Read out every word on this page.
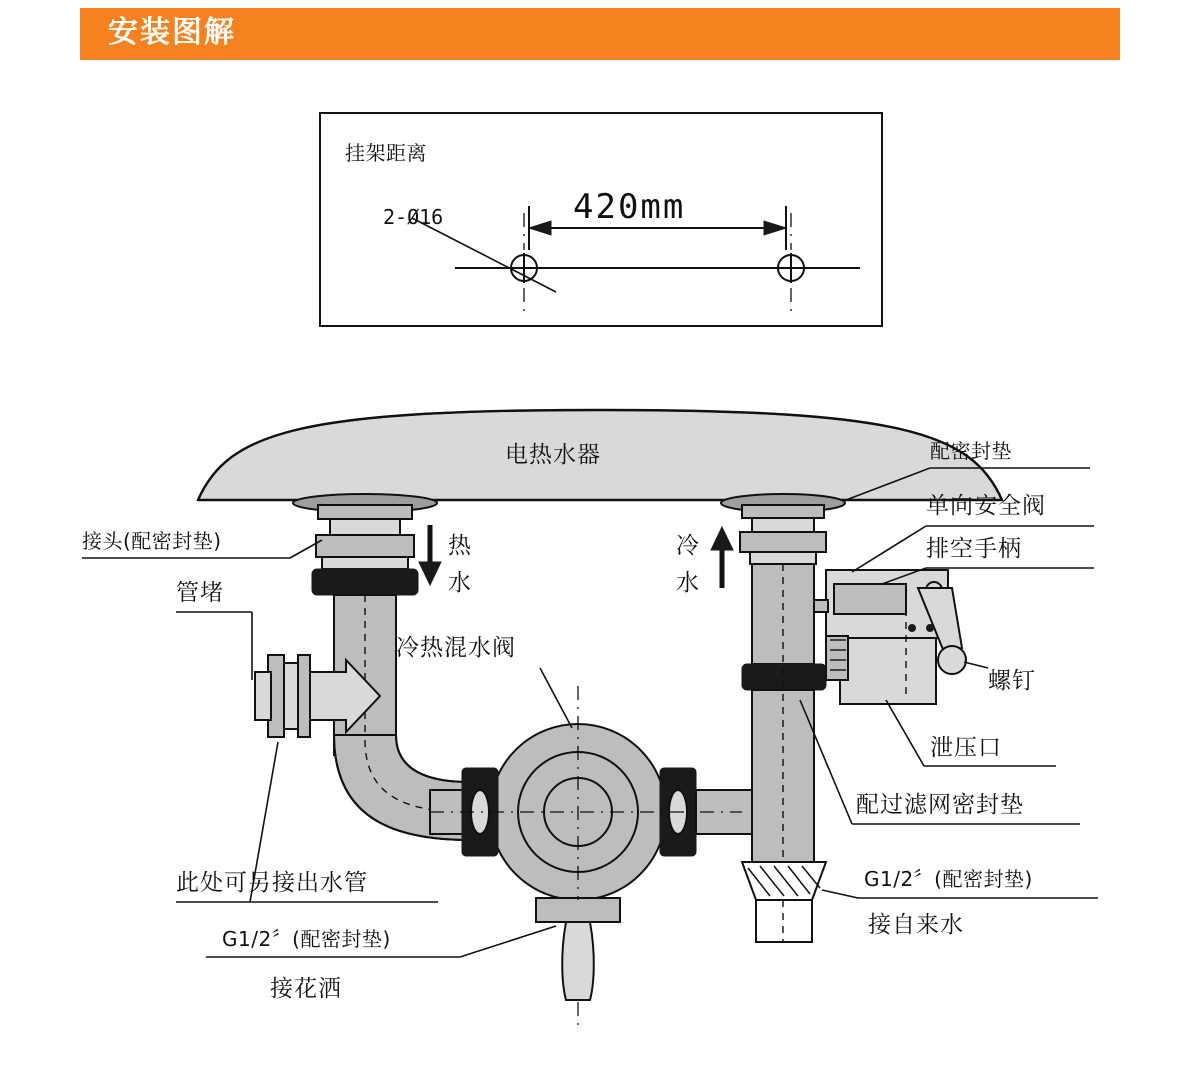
安装图解
挂架距离
2-Ø16	420mm
电热水器
热
水
冷
水
接头(配密封垫)
管堵
冷热混水阀
此处可另接出水管
G1/2〞(配密封垫)
接花洒
配密封垫
单向安全阀
排空手柄
螺钉
泄压口
配过滤网密封垫
G1/2〞(配密封垫)
接自来水
